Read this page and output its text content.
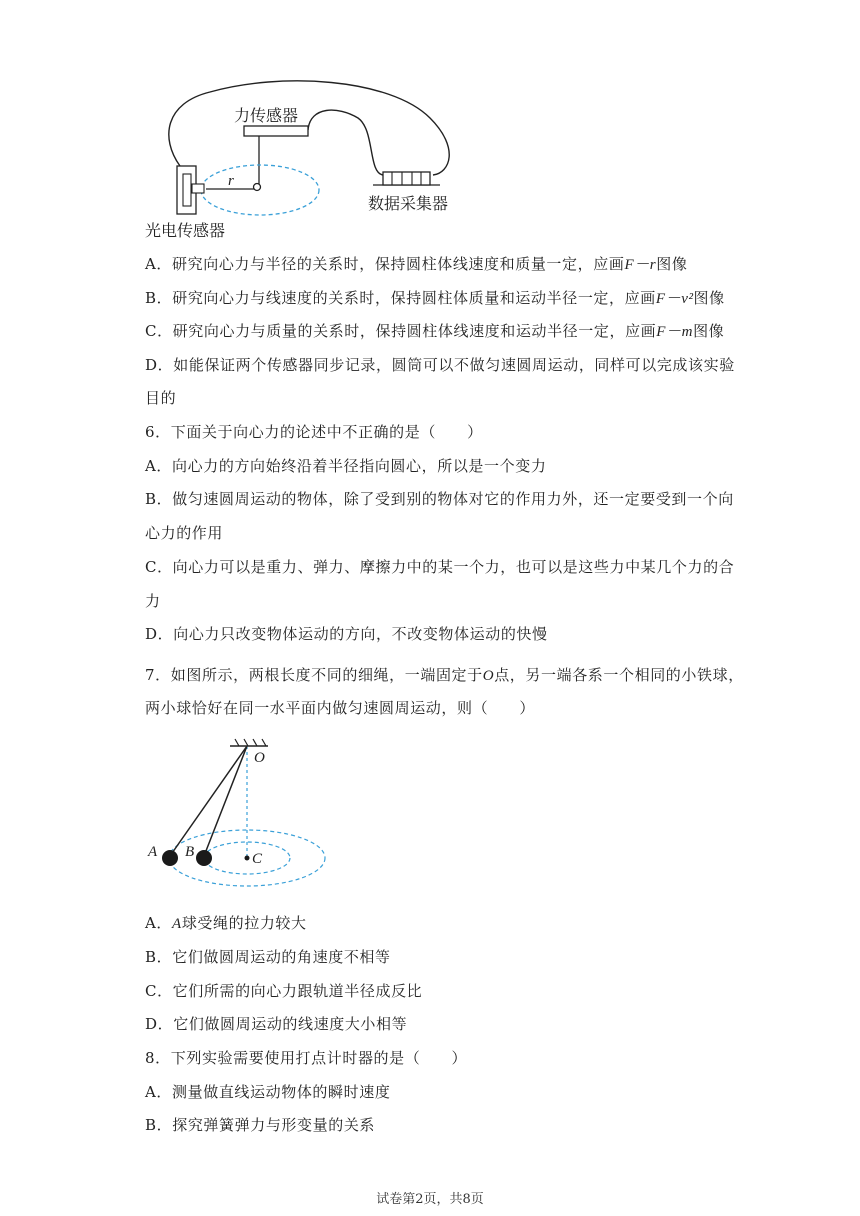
力传感器
r
光电传感器
数据采集器
A．研究向心力与半径的关系时，保持圆柱体线速度和质量一定，应画F－r图像
B．研究向心力与线速度的关系时，保持圆柱体质量和运动半径一定，应画F－v²图像
C．研究向心力与质量的关系时，保持圆柱体线速度和运动半径一定，应画F－m图像
D．如能保证两个传感器同步记录，圆筒可以不做匀速圆周运动，同样可以完成该实验
目的
6．下面关于向心力的论述中不正确的是（　　）
A．向心力的方向始终沿着半径指向圆心，所以是一个变力
B．做匀速圆周运动的物体，除了受到别的物体对它的作用力外，还一定要受到一个向
心力的作用
C．向心力可以是重力、弹力、摩擦力中的某一个力，也可以是这些力中某几个力的合
力
D．向心力只改变物体运动的方向，不改变物体运动的快慢
7．如图所示，两根长度不同的细绳，一端固定于O点，另一端各系一个相同的小铁球，
两小球恰好在同一水平面内做匀速圆周运动，则（　　）
O
A B	C
A．A球受绳的拉力较大
B．它们做圆周运动的角速度不相等
C．它们所需的向心力跟轨道半径成反比
D．它们做圆周运动的线速度大小相等
8．下列实验需要使用打点计时器的是（　　）
A．测量做直线运动物体的瞬时速度
B．探究弹簧弹力与形变量的关系
试卷第2页，共8页
